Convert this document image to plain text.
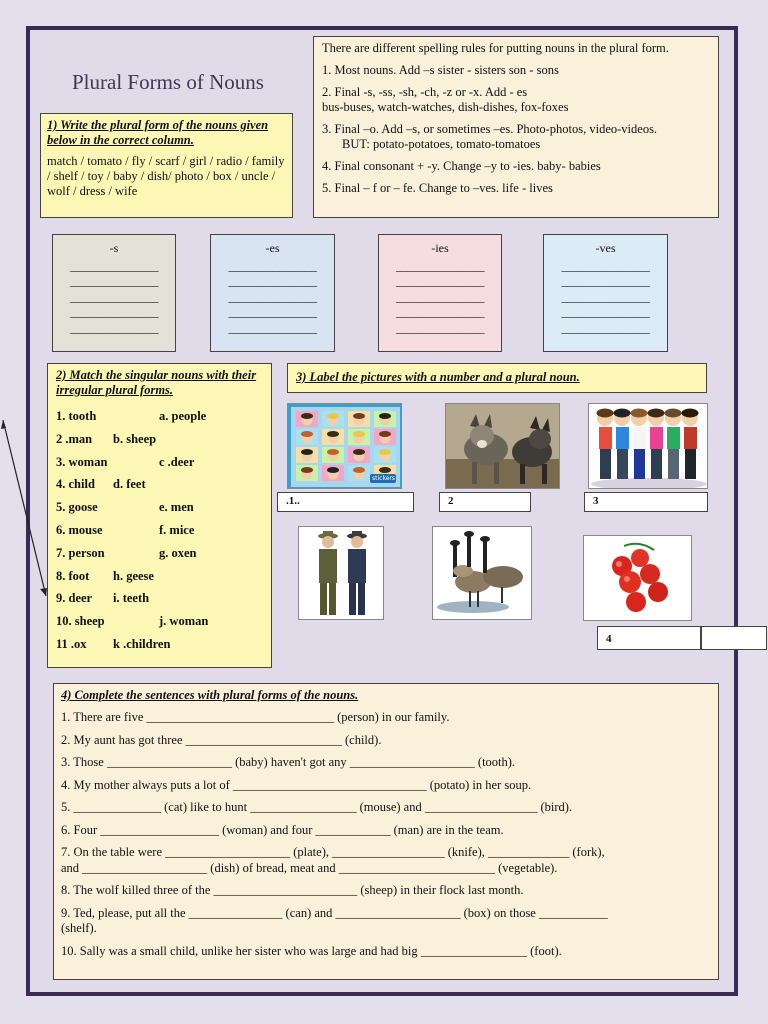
Plural Forms of Nouns
There are different spelling rules for putting nouns in the plural form.
1. Most nouns. Add –s sister - sisters son - sons
2. Final -s, -ss, -sh, -ch, -z or -x. Add - es
bus-buses, watch-watches, dish-dishes, fox-foxes
3. Final –o. Add –s, or sometimes –es. Photo-photos, video-videos.
BUT: potato-potatoes, tomato-tomatoes
4. Final consonant + -y. Change –y to -ies. baby- babies
5. Final – f or – fe. Change to –ves. life - lives
1) Write the plural form of the nouns given below in the correct column.
match / tomato / fly / scarf / girl / radio / family / shelf / toy / baby / dish/ photo / box / uncle / wolf / dress / wife
-s
________________
________________
________________
________________
________________
-es
________________
________________
________________
________________
________________
-ies
________________
________________
________________
________________
________________
-ves
________________
________________
________________
________________
________________
2) Match the singular nouns with their irregular plural forms.
1. tooth	a. people
2 .man b. sheep
3. woman	c .deer
4. child d. feet
5. goose	e. men
6. mouse	f. mice
7. person	g. oxen
8. foot h. geese
9. deer i. teeth
10. sheep	j. woman
11 .ox k .children
3) Label the pictures with a number and a plural noun.
stickers
.1..	2	3
4
4) Complete the sentences with plural forms of the nouns.
1. There are five ______________________________ (person) in our family.
2. My aunt has got three _________________________ (child).
3. Those ____________________ (baby) haven't got any ____________________ (tooth).
4. My mother always puts a lot of _______________________________ (potato) in her soup.
5. ______________ (cat) like to hunt _________________ (mouse) and __________________ (bird).
6. Four ___________________ (woman) and four ____________ (man) are in the team.
7. On the table were ____________________ (plate), __________________ (knife), _____________ (fork),
and ____________________ (dish) of bread, meat and _________________________ (vegetable).
8. The wolf killed three of the _______________________ (sheep) in their flock last month.
9. Ted, please, put all the _______________ (can) and ____________________ (box) on those ___________
(shelf).
10. Sally was a small child, unlike her sister who was large and had big _________________ (foot).
